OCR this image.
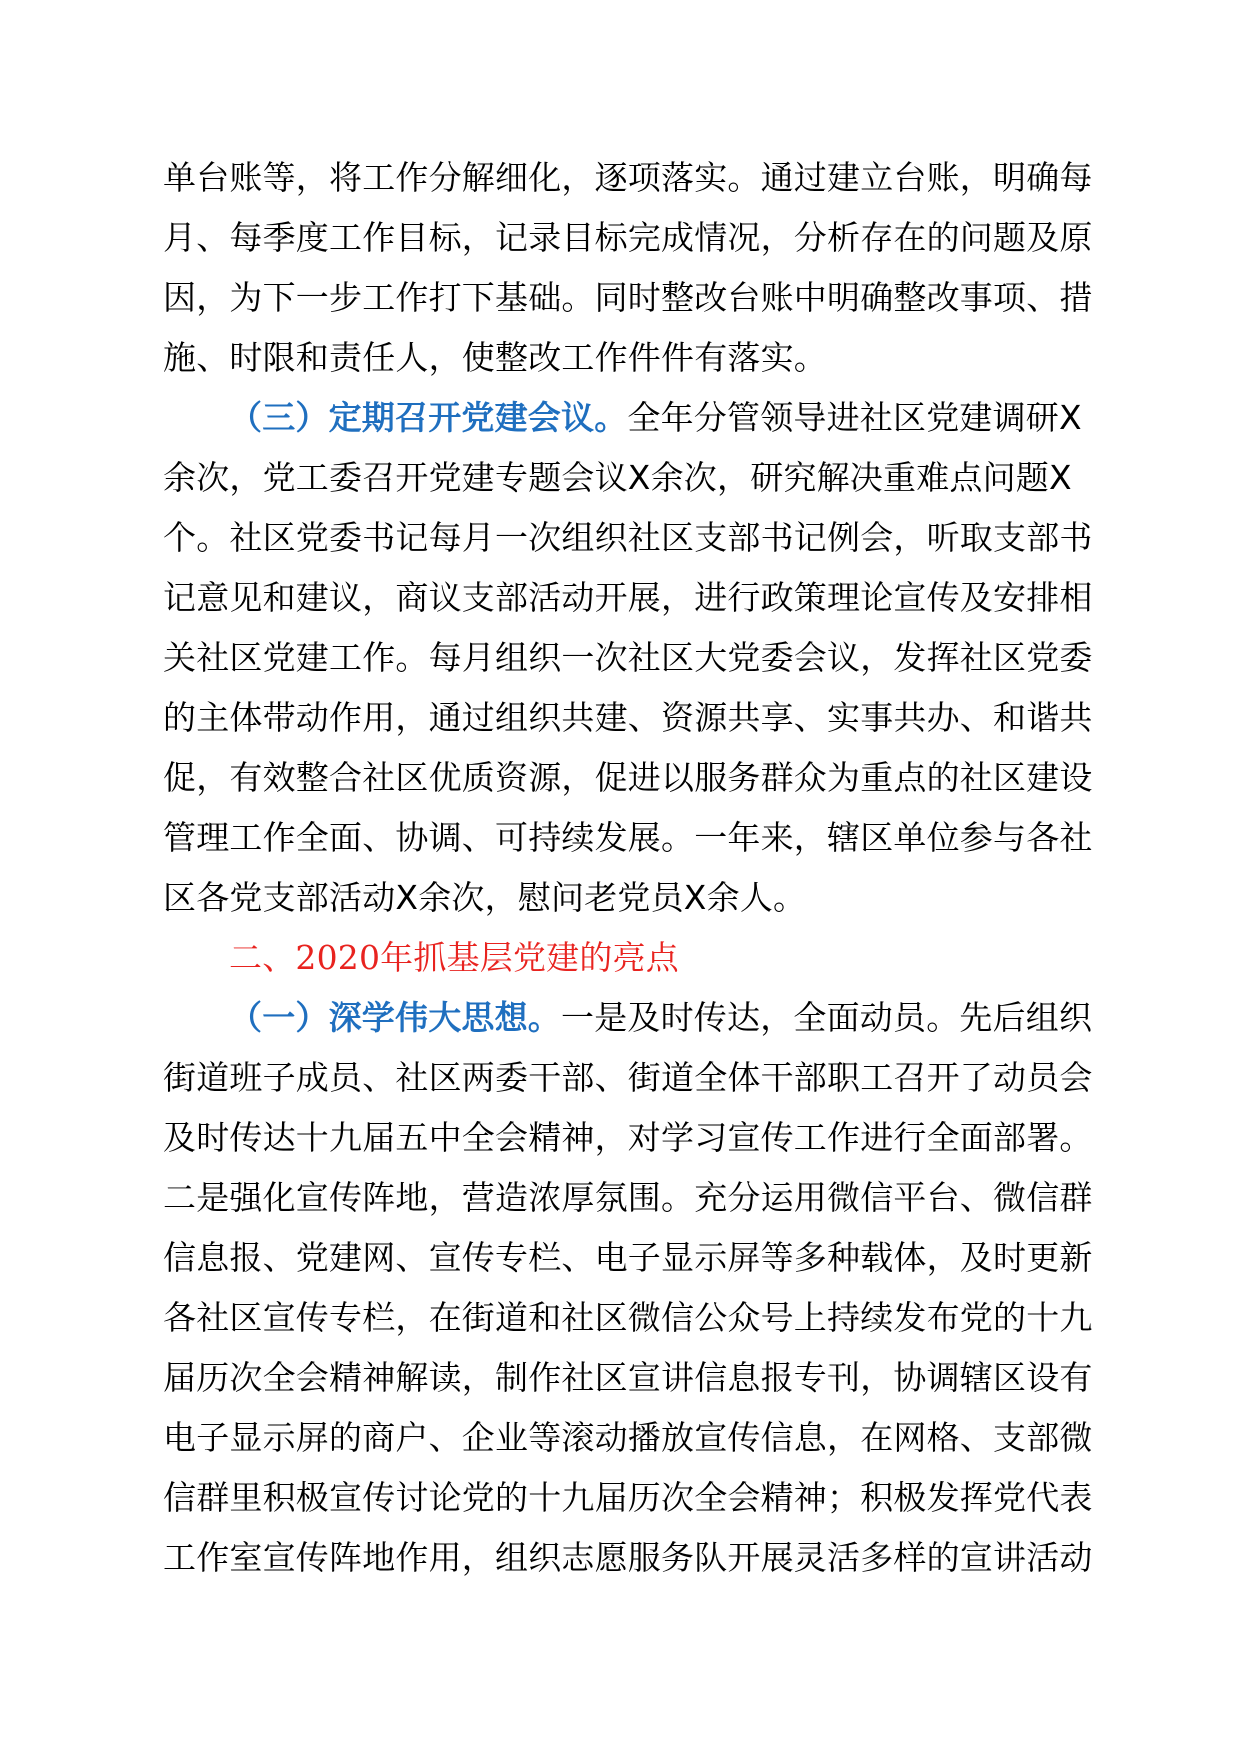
单台账等，将工作分解细化，逐项落实。通过建立台账，明确每
月、每季度工作目标，记录目标完成情况，分析存在的问题及原
因，为下一步工作打下基础。同时整改台账中明确整改事项、措
施、时限和责任人，使整改工作件件有落实。
（三）定期召开党建会议。全年分管领导进社区党建调研X
余次，党工委召开党建专题会议X余次，研究解决重难点问题X
个。社区党委书记每月一次组织社区支部书记例会，听取支部书
记意见和建议，商议支部活动开展，进行政策理论宣传及安排相
关社区党建工作。每月组织一次社区大党委会议，发挥社区党委
的主体带动作用，通过组织共建、资源共享、实事共办、和谐共
促，有效整合社区优质资源，促进以服务群众为重点的社区建设
管理工作全面、协调、可持续发展。一年来，辖区单位参与各社
区各党支部活动X余次，慰问老党员X余人。
二、2020年抓基层党建的亮点
（一）深学伟大思想。一是及时传达，全面动员。先后组织
街道班子成员、社区两委干部、街道全体干部职工召开了动员会
及时传达十九届五中全会精神，对学习宣传工作进行全面部署。
二是强化宣传阵地，营造浓厚氛围。充分运用微信平台、微信群
信息报、党建网、宣传专栏、电子显示屏等多种载体，及时更新
各社区宣传专栏，在街道和社区微信公众号上持续发布党的十九
届历次全会精神解读，制作社区宣讲信息报专刊，协调辖区设有
电子显示屏的商户、企业等滚动播放宣传信息，在网格、支部微
信群里积极宣传讨论党的十九届历次全会精神；积极发挥党代表
工作室宣传阵地作用，组织志愿服务队开展灵活多样的宣讲活动
